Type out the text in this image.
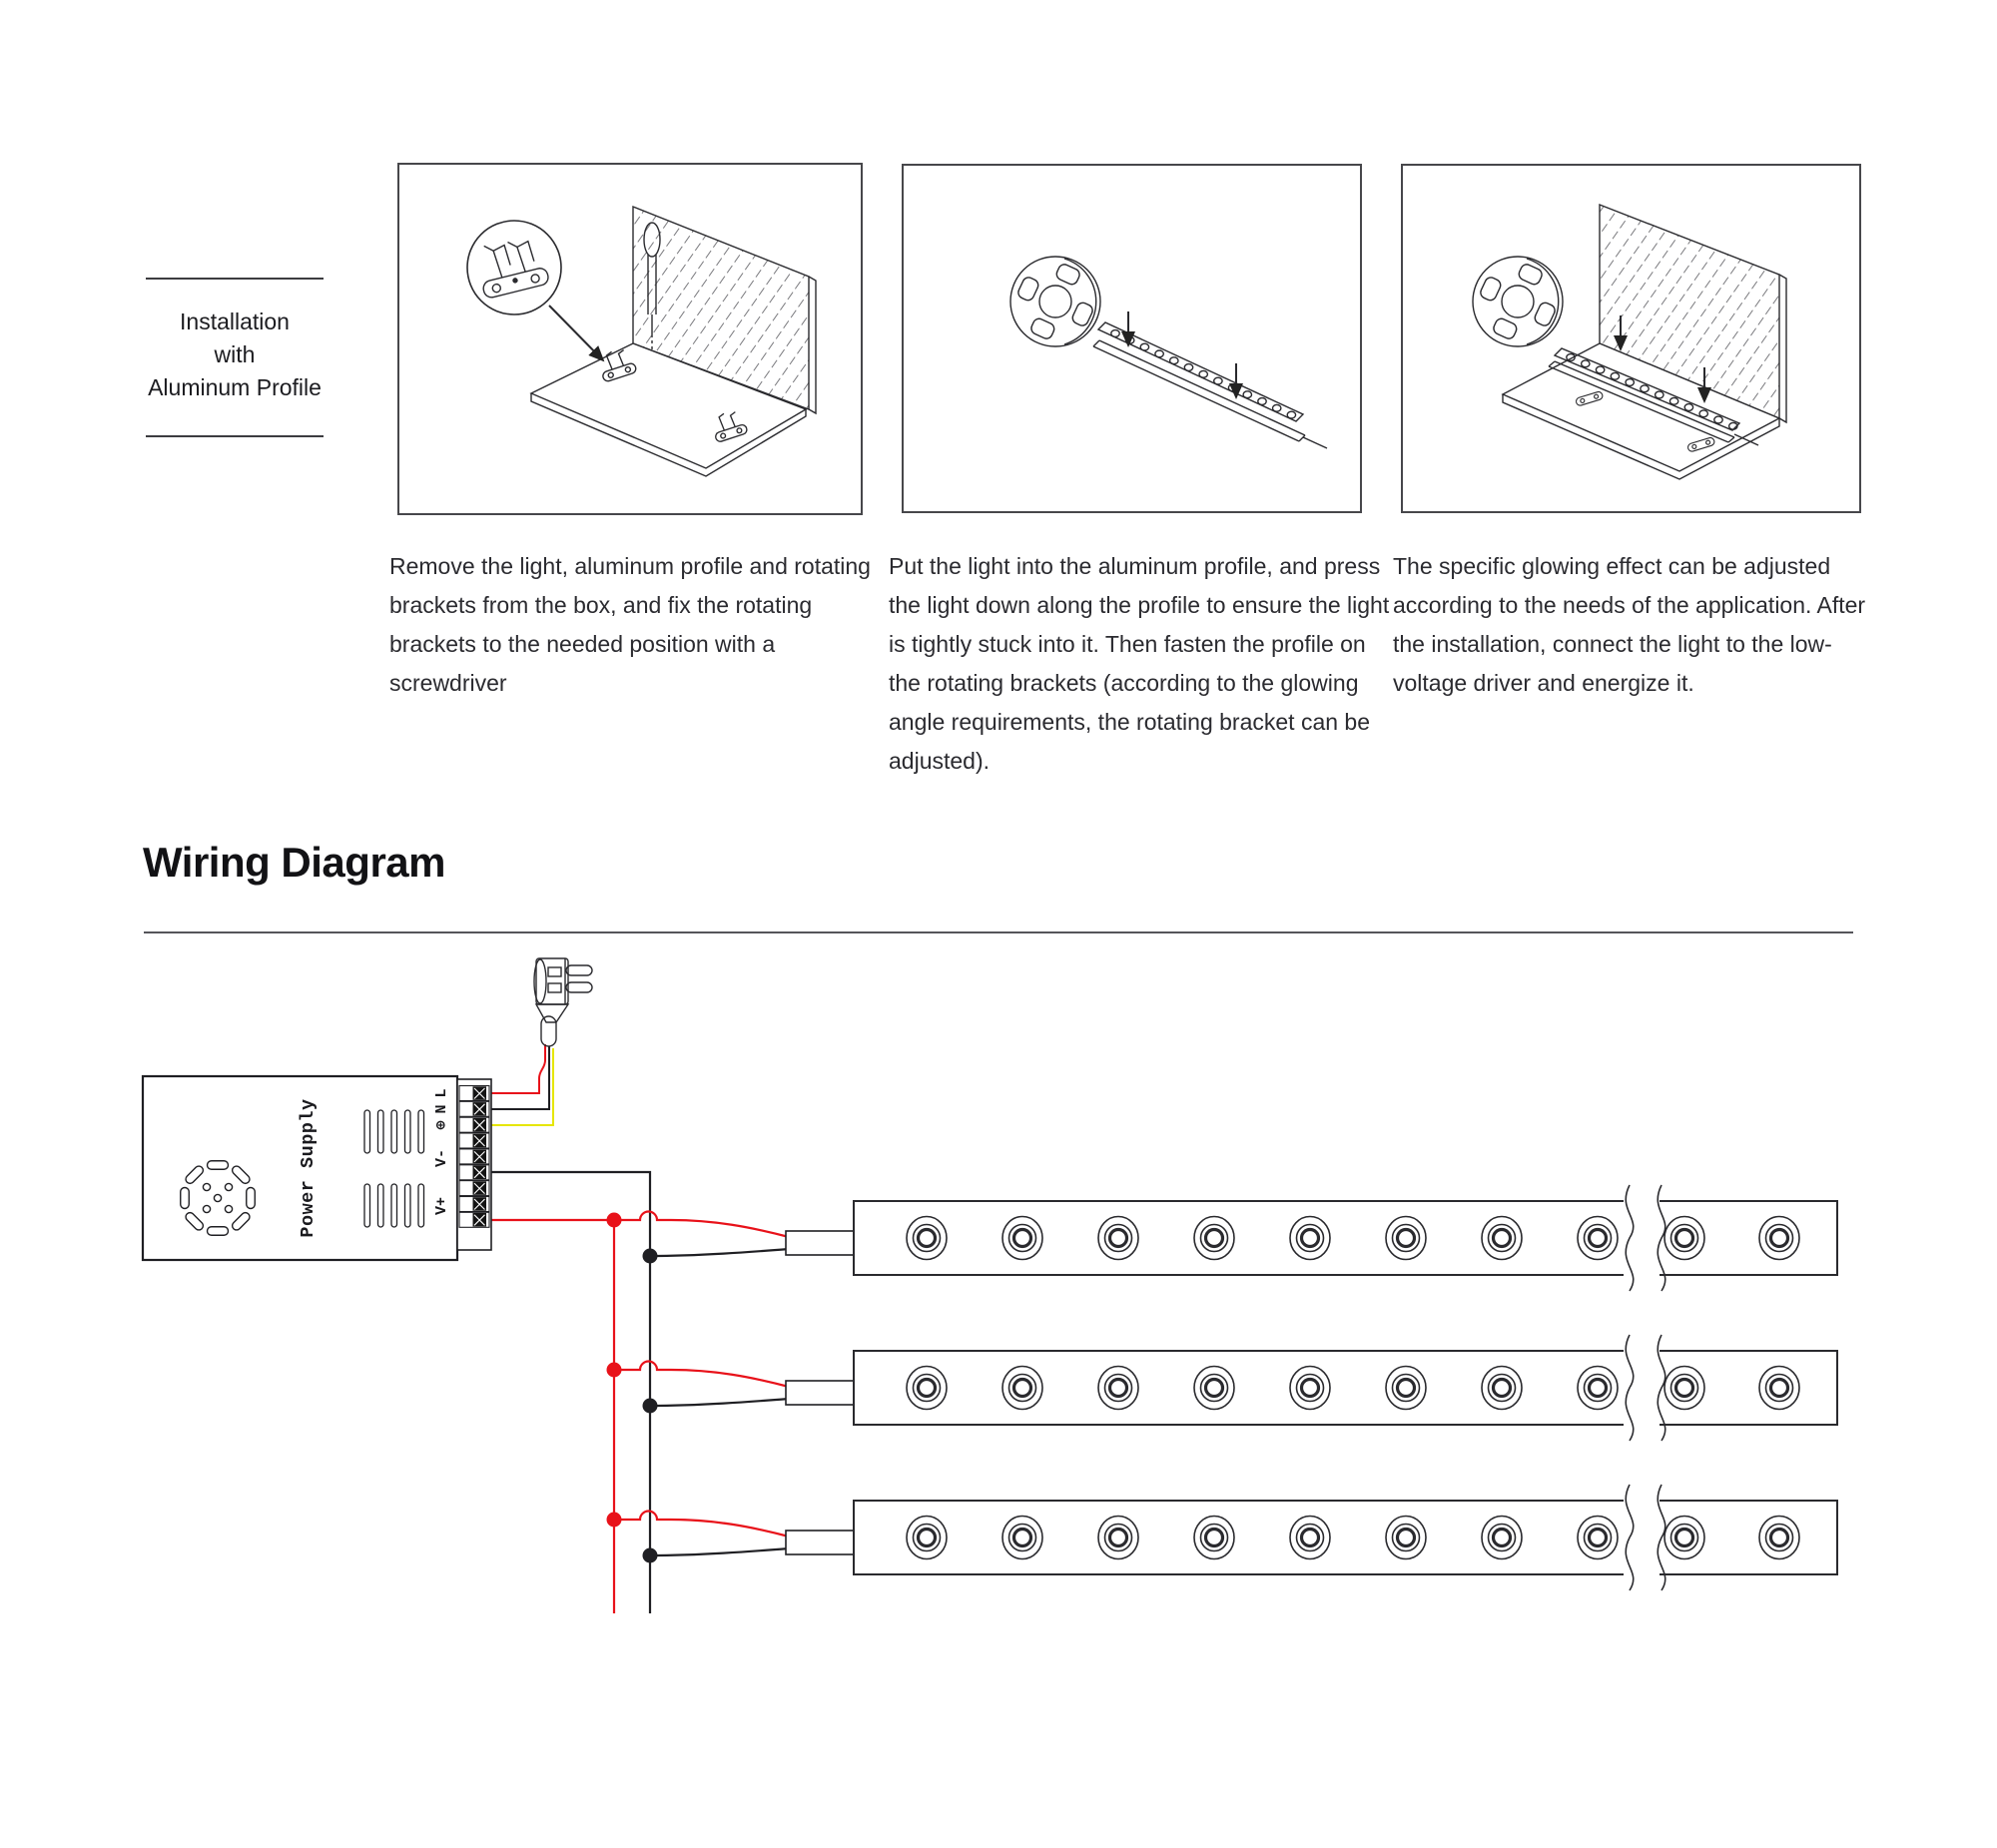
Installation
with
Aluminum Profile

Remove the light, aluminum profile and rotating brackets from the box, and fix the rotating brackets to the needed position with a screwdriver

Put the light into the aluminum profile, and press the light down along the profile to ensure the light is tightly stuck into it. Then fasten the profile on the rotating brackets (according to the glowing angle requirements, the rotating bracket can be adjusted).

The specific glowing effect can be adjusted according to the needs of the application. After the installation, connect the light to the low-voltage driver and energize it.

Wiring Diagram
Power Supply
L
N
⊕
V-
V+
